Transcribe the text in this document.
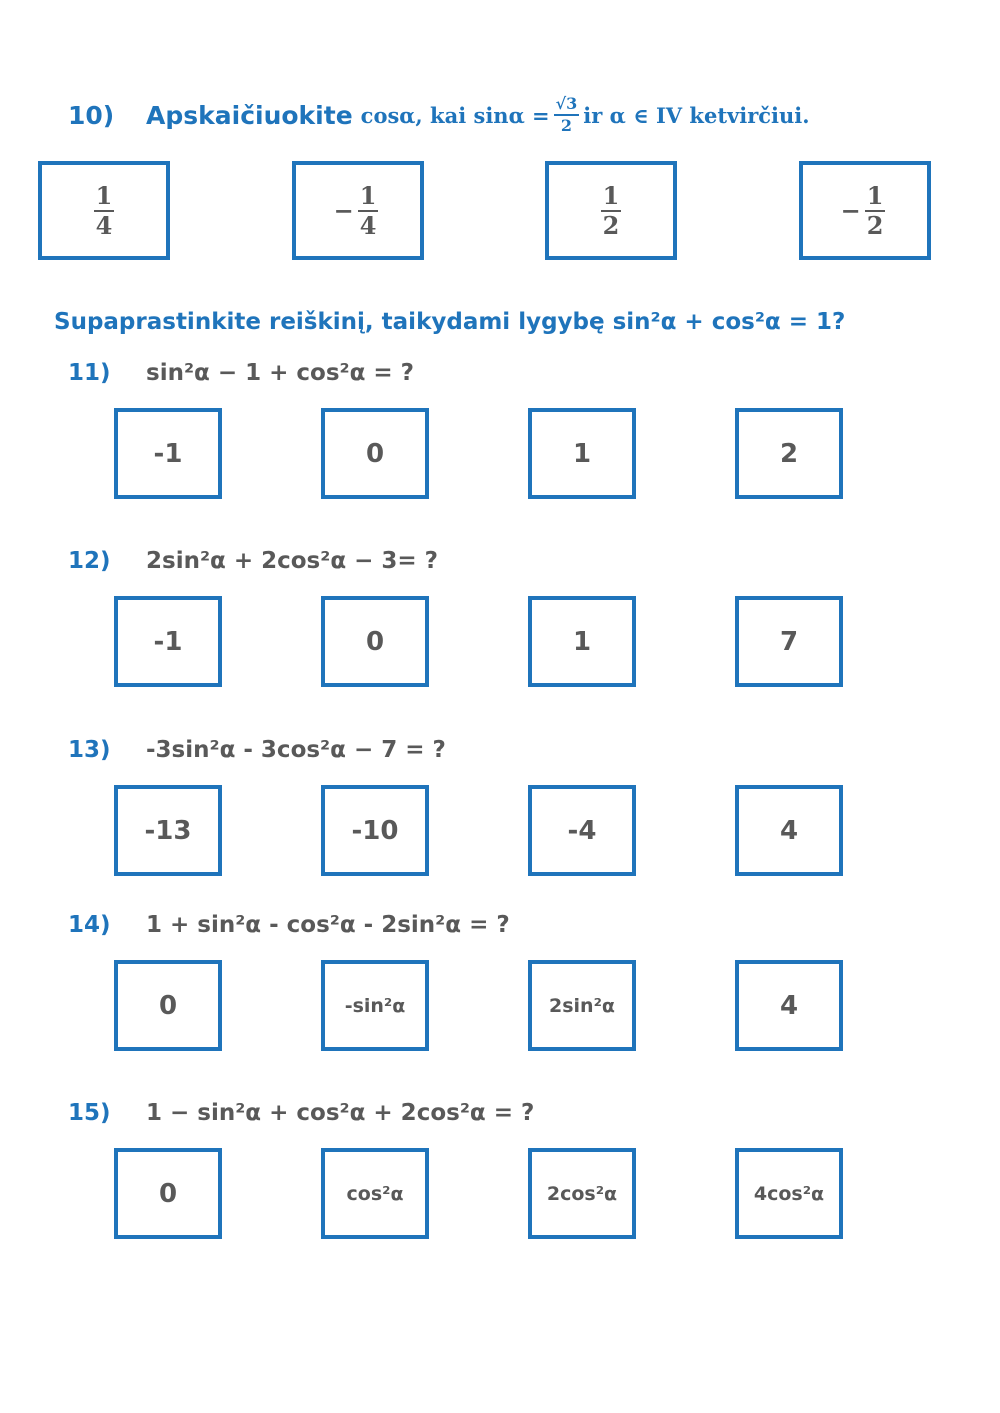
10)	Apskaičiuokite cosα, kai $\sin\alpha = \frac{√3}{2}$ ir α ∈ IV ketvirčiui.
$\frac{1}{4}$	− $\frac{1}{4}$	$\frac{1}{2}$	− $\frac{1}{2}$
Supaprastinkite reiškinį, taikydami lygybę sin²α + cos²α = 1?
11)	sin²α − 1 + cos²α = ?
-1	0	1	2
12)	2sin²α + 2cos²α − 3= ?
-1	0	1	7
13)	-3sin²α - 3cos²α − 7 = ?
-13	-10	-4	4
14)	1 + sin²α - cos²α - 2sin²α = ?
0	-sin²α	2sin²α	4
15)	1 − sin²α + cos²α + 2cos²α = ?
0	cos²α	2cos²α	4cos²α
